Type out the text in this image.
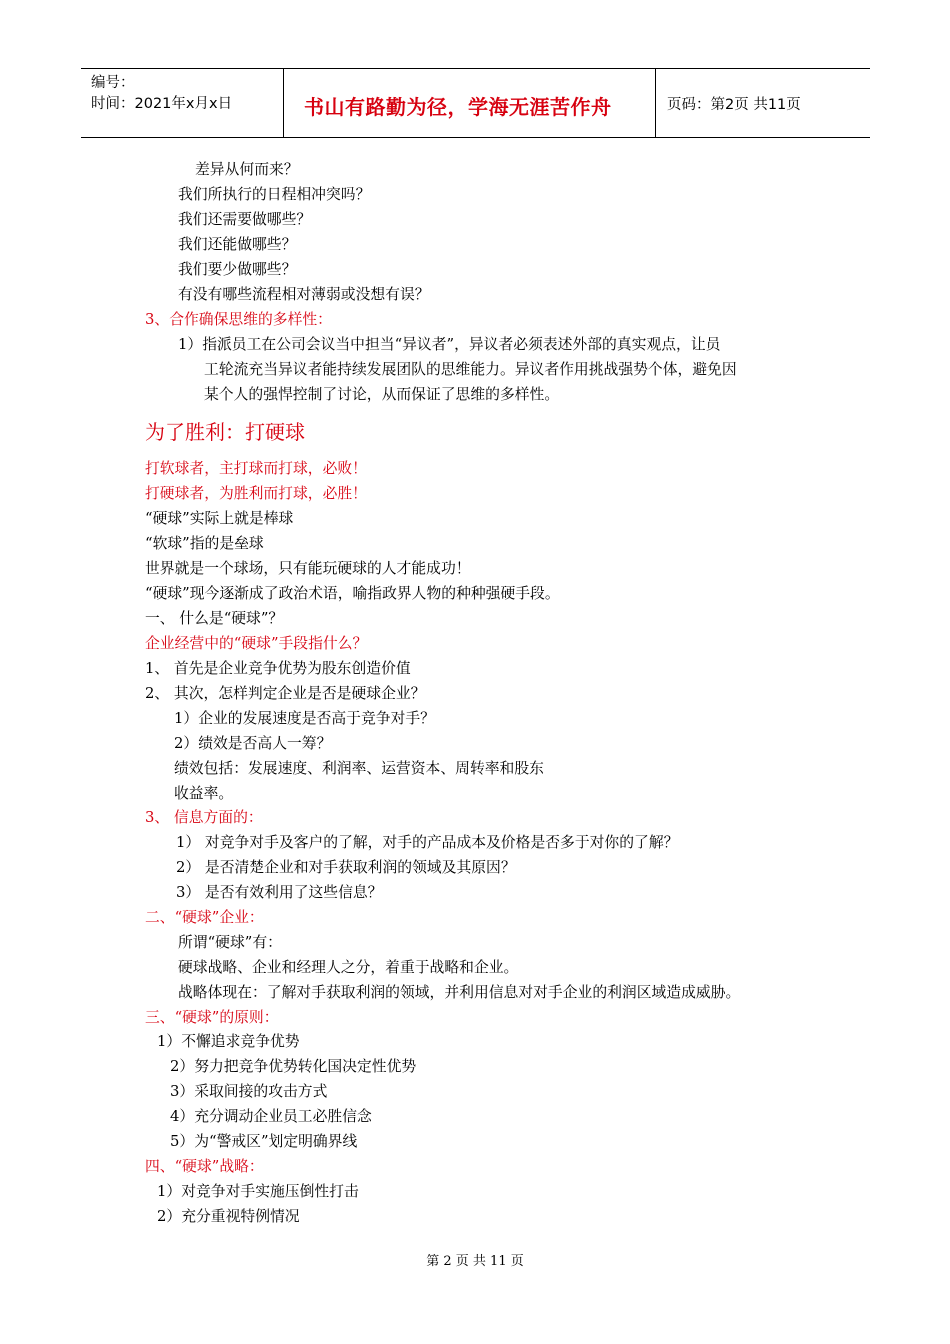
编号：
时间：2021年x月x日	书山有路勤为径，学海无涯苦作舟	页码：第2页 共11页
为了胜利：打硬球
差异从何而来？
我们所执行的日程相冲突吗？
我们还需要做哪些？
我们还能做哪些？
我们要少做哪些？
有没有哪些流程相对薄弱或没想有误？
3、合作确保思维的多样性：
1）指派员工在公司会议当中担当“异议者”，异议者必须表述外部的真实观点，让员
工轮流充当异议者能持续发展团队的思维能力。异议者作用挑战强势个体，避免因
某个人的强悍控制了讨论，从而保证了思维的多样性。
打软球者，主打球而打球，必败！
打硬球者，为胜利而打球，必胜！
“硬球”实际上就是棒球
“软球”指的是垒球
世界就是一个球场，只有能玩硬球的人才能成功！
“硬球”现今逐渐成了政治术语，喻指政界人物的种种强硬手段。
一、 什么是“硬球”？
企业经营中的“硬球”手段指什么？
1、 首先是企业竞争优势为股东创造价值
2、 其次，怎样判定企业是否是硬球企业？
1）企业的发展速度是否高于竞争对手？
2）绩效是否高人一筹？
绩效包括：发展速度、利润率、运营资本、周转率和股东
收益率。
3、 信息方面的：
1） 对竞争对手及客户的了解，对手的产品成本及价格是否多于对你的了解？
2） 是否清楚企业和对手获取利润的领域及其原因？
3） 是否有效利用了这些信息？
二、“硬球”企业：
所谓“硬球”有：
硬球战略、企业和经理人之分，着重于战略和企业。
战略体现在：了解对手获取利润的领域，并利用信息对对手企业的利润区域造成威胁。
三、“硬球”的原则：
1）不懈追求竞争优势
2）努力把竞争优势转化国决定性优势
3）采取间接的攻击方式
4）充分调动企业员工必胜信念
5）为“警戒区”划定明确界线
四、“硬球”战略：
1）对竞争对手实施压倒性打击
2）充分重视特例情况
第 2 页 共 11 页
